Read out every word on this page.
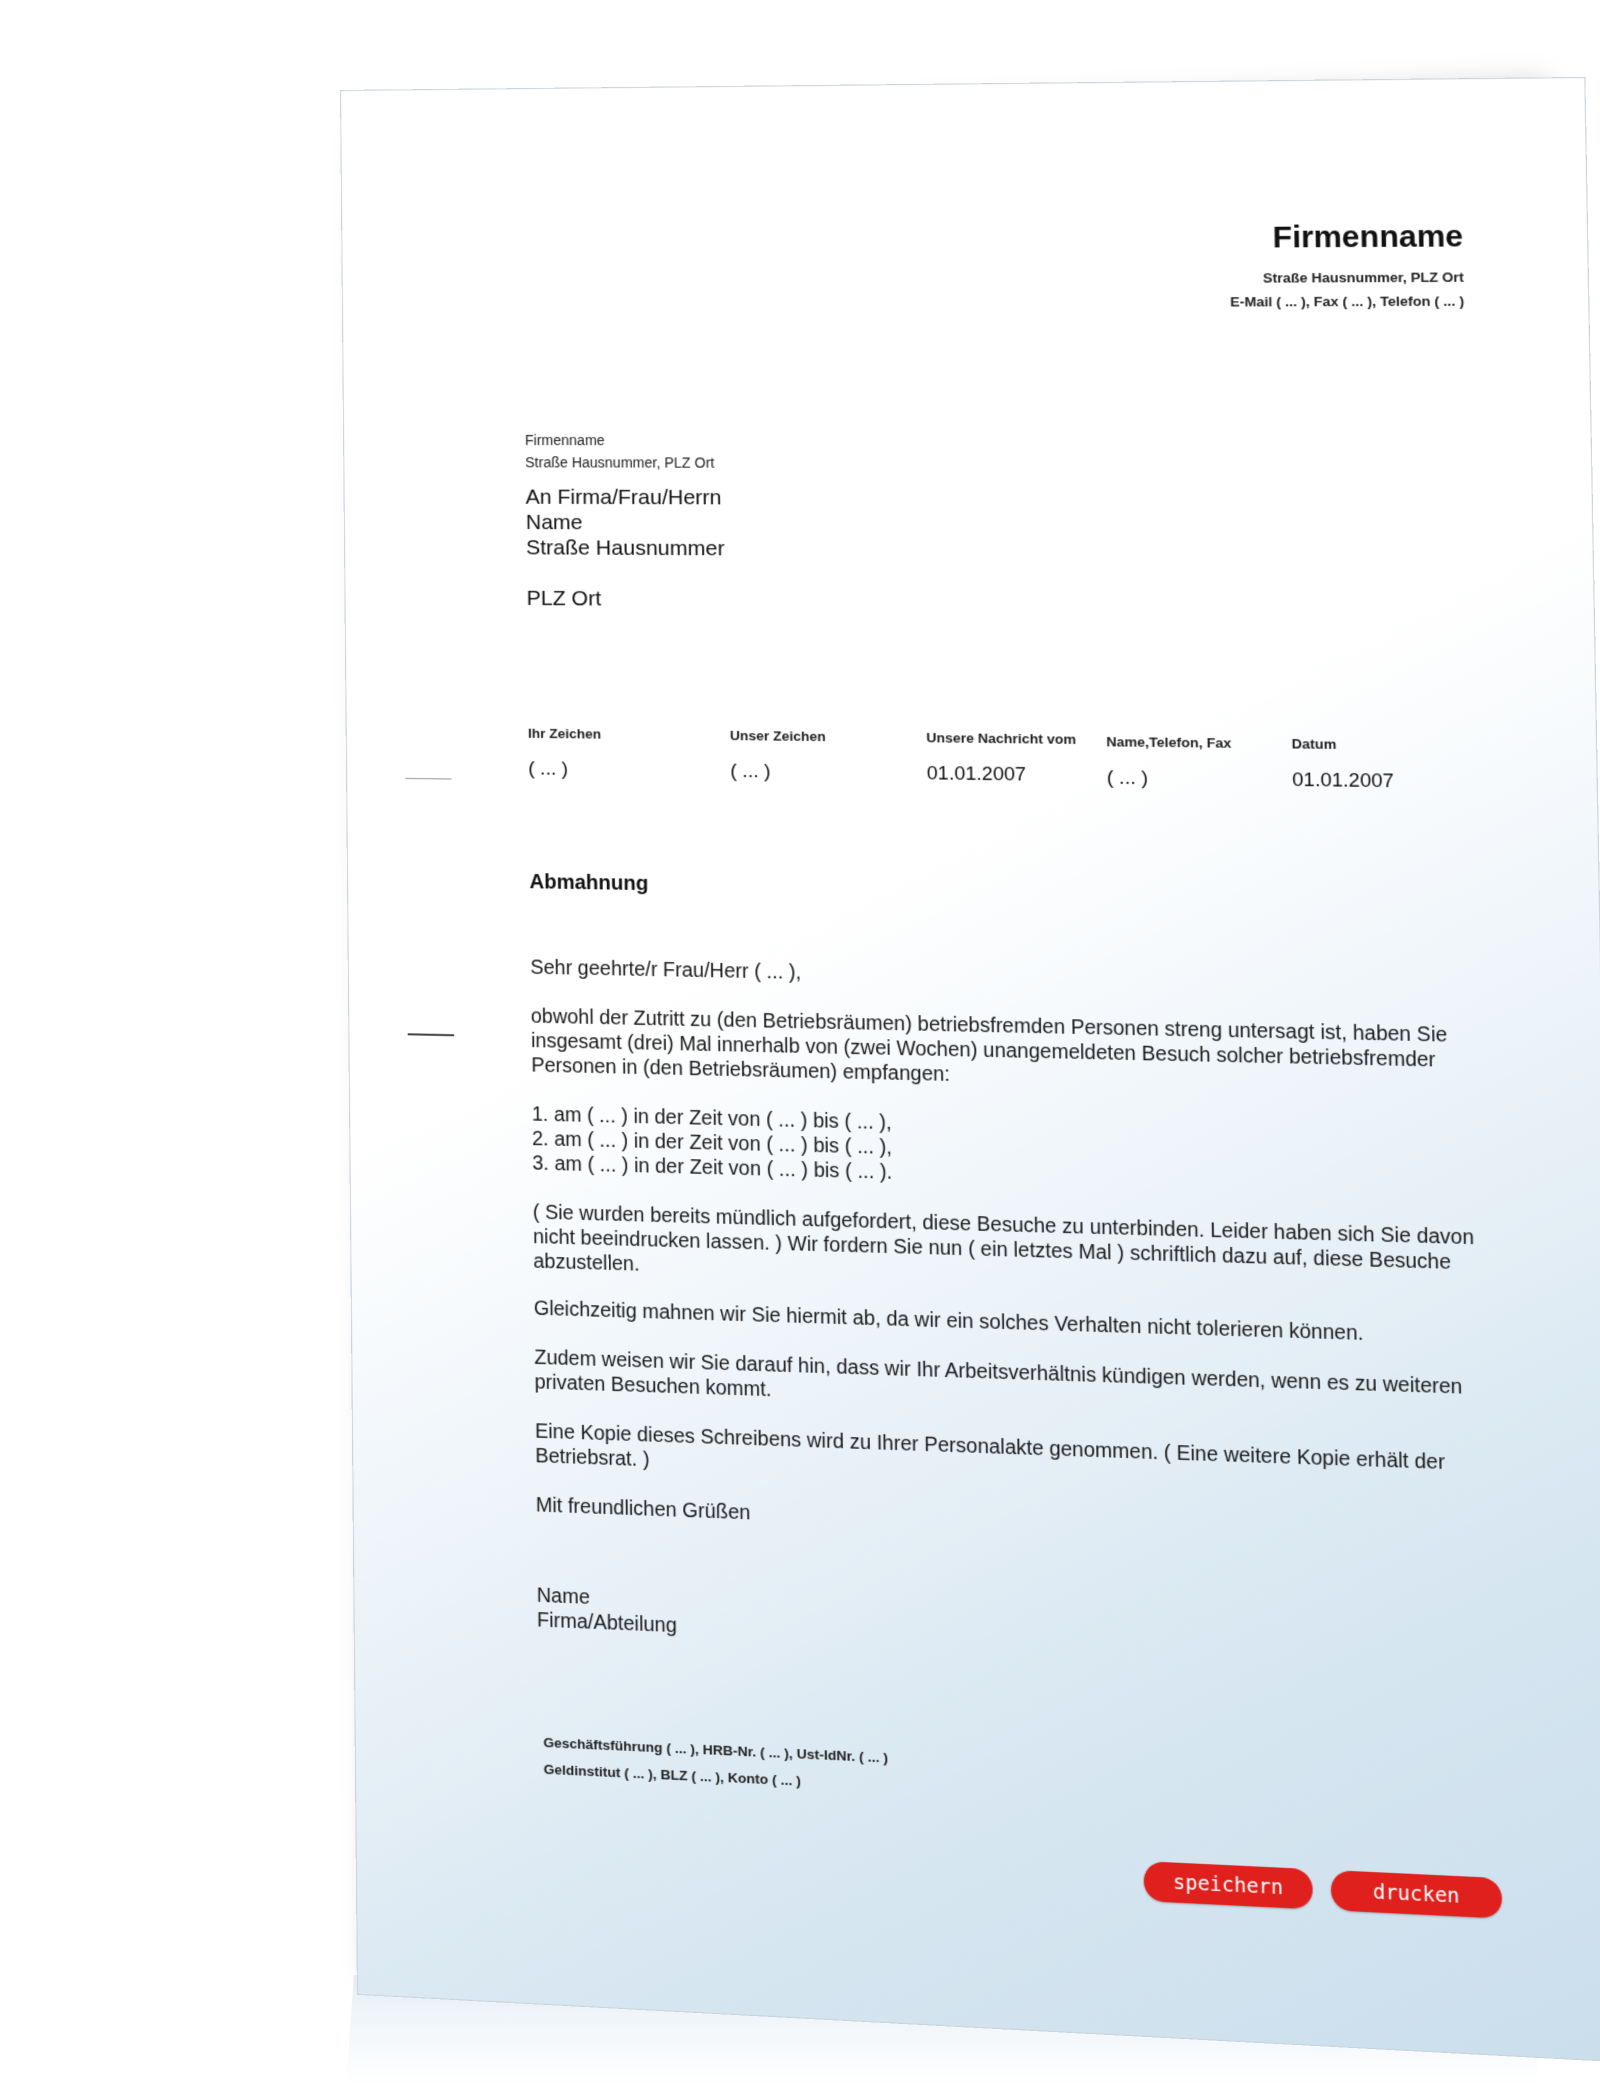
Firmenname
Straße Hausnummer, PLZ Ort
E-Mail ( ... ), Fax ( ... ), Telefon ( ... )
Firmenname
Straße Hausnummer, PLZ Ort
An Firma/Frau/Herrn
Name
Straße Hausnummer
PLZ Ort
Ihr Zeichen
( ... )
Unser Zeichen
( ... )
Unsere Nachricht vom
01.01.2007
Name,Telefon, Fax
( ... )
Datum
01.01.2007
Abmahnung
Sehr geehrte/r Frau/Herr ( ... ),
obwohl der Zutritt zu (den Betriebsräumen) betriebsfremden Personen streng untersagt ist, haben Sie insgesamt (drei) Mal innerhalb von (zwei Wochen) unangemeldeten Besuch solcher betriebsfremder Personen in (den Betriebsräumen) empfangen:
1. am ( ... ) in der Zeit von ( ... ) bis ( ... ),
2. am ( ... ) in der Zeit von ( ... ) bis ( ... ),
3. am ( ... ) in der Zeit von ( ... ) bis ( ... ).
( Sie wurden bereits mündlich aufgefordert, diese Besuche zu unterbinden. Leider haben sich Sie davon nicht beeindrucken lassen. ) Wir fordern Sie nun ( ein letztes Mal ) schriftlich dazu auf, diese Besuche abzustellen.
Gleichzeitig mahnen wir Sie hiermit ab, da wir ein solches Verhalten nicht tolerieren können.
Zudem weisen wir Sie darauf hin, dass wir Ihr Arbeitsverhältnis kündigen werden, wenn es zu weiteren privaten Besuchen kommt.
Eine Kopie dieses Schreibens wird zu Ihrer Personalakte genommen. ( Eine weitere Kopie erhält der Betriebsrat. )
Mit freundlichen Grüßen
Name
Firma/Abteilung
Geschäftsführung ( ... ), HRB-Nr. ( ... ), Ust-IdNr. ( ... )
Geldinstitut ( ... ), BLZ ( ... ), Konto ( ... )
speichern	drucken
